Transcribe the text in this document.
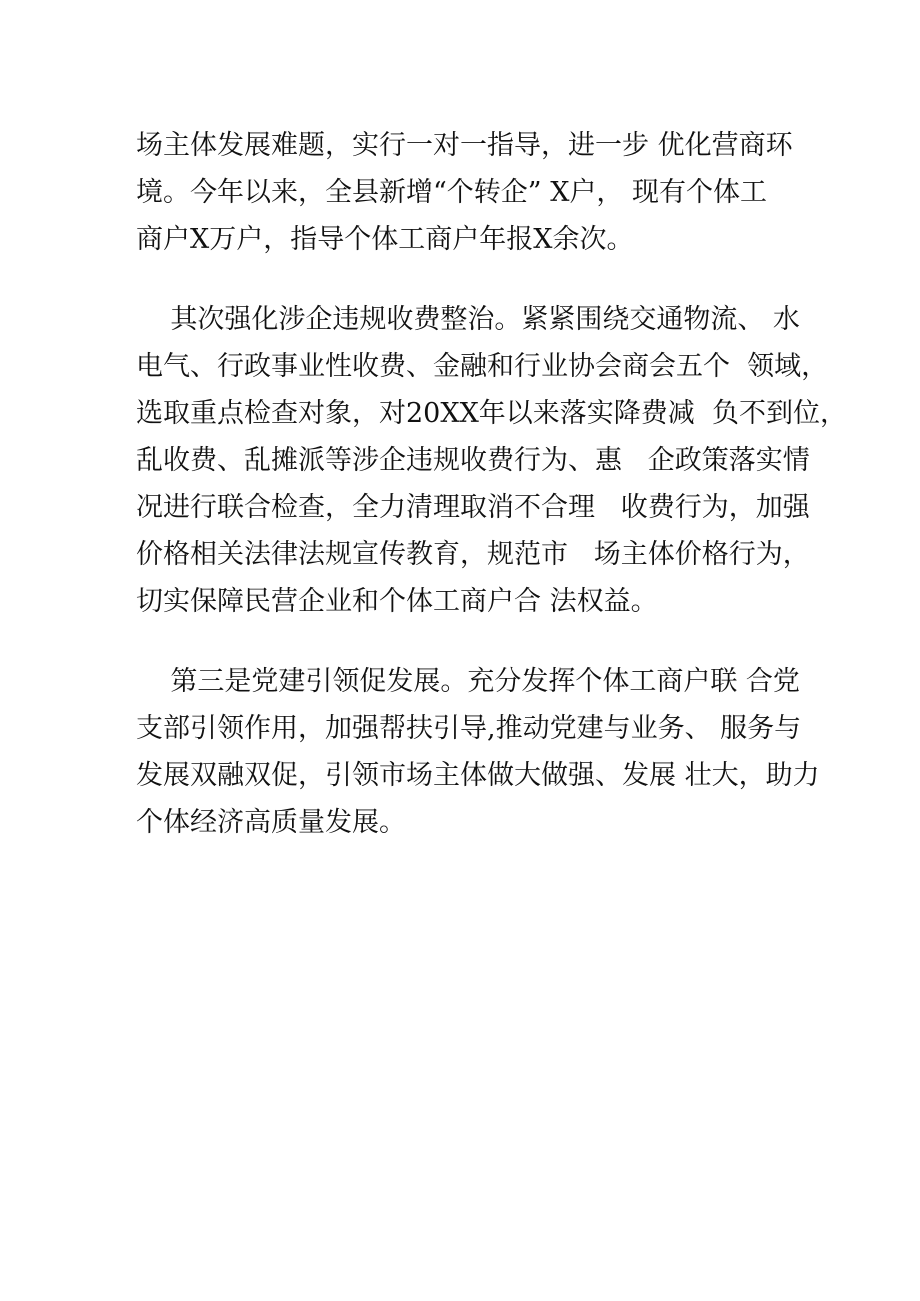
场主体发展难题，实行一对一指导，进一步 优化营商环
境。今年以来，全县新增“个转企” X户， 现有个体工
商户X万户，指导个体工商户年报X余次。
其次强化涉企违规收费整治。紧紧围绕交通物流、 水
电气、行政事业性收费、金融和行业协会商会五个  领域，
选取重点检查对象，对20XX年以来落实降费减  负不到位，
乱收费、乱摊派等涉企违规收费行为、惠   企政策落实情
况进行联合检查，全力清理取消不合理   收费行为，加强
价格相关法律法规宣传教育，规范市   场主体价格行为，
切实保障民营企业和个体工商户合 法权益。
第三是党建引领促发展。充分发挥个体工商户联 合党
支部引领作用，加强帮扶引导,推动党建与业务、 服务与
发展双融双促，引领市场主体做大做强、发展 壮大，助力
个体经济高质量发展。
